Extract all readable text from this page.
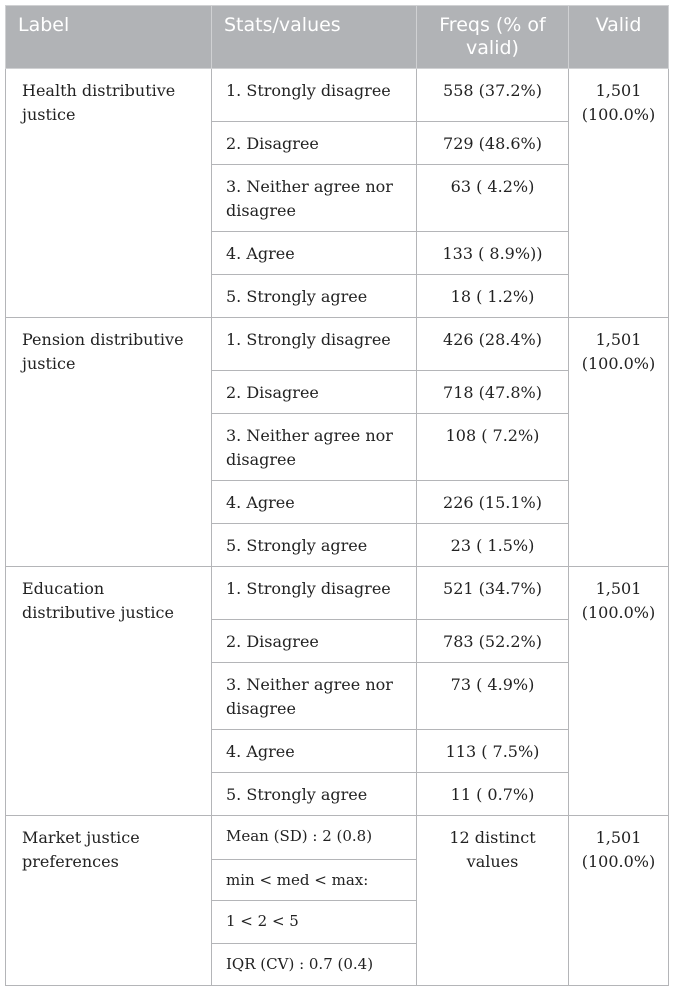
Label	Stats/values	Freqs (% of valid)	Valid
Health distributive justice	1. Strongly disagree	558 (37.2%)	1,501 (100.0%)
	2. Disagree	729 (48.6%)	
	3. Neither agree nor disagree	63 ( 4.2%)	
	4. Agree	133 ( 8.9%))	
	5. Strongly agree	18 ( 1.2%)	
Pension distributive justice	1. Strongly disagree	426 (28.4%)	1,501 (100.0%)
	2. Disagree	718 (47.8%)	
	3. Neither agree nor disagree	108 ( 7.2%)	
	4. Agree	226 (15.1%)	
	5. Strongly agree	23 ( 1.5%)	
Education distributive justice	1. Strongly disagree	521 (34.7%)	1,501 (100.0%)
	2. Disagree	783 (52.2%)	
	3. Neither agree nor disagree	73 ( 4.9%)	
	4. Agree	113 ( 7.5%)	
	5. Strongly agree	11 ( 0.7%)	
Market justice preferences	Mean (SD) : 2 (0.8)	12 distinct values	1,501 (100.0%)
	min < med < max:		
	1 < 2 < 5		
	IQR (CV) : 0.7 (0.4)		
